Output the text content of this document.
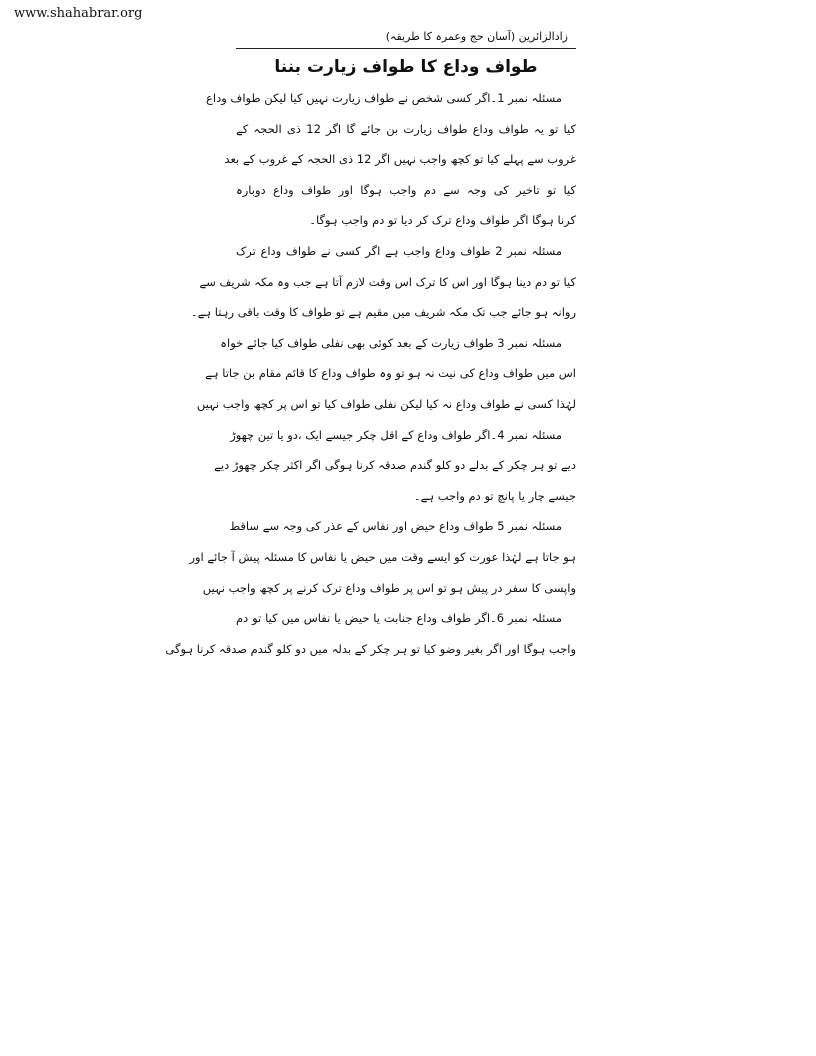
www.shahabrar.org
زادالزائرین (آسان حج وعمرہ کا طریقہ)
طواف وداع کا طواف زیارت بننا
مسئلہ نمبر 1۔اگر کسی شخص نے طواف زیارت نہیں کیا لیکن طواف وداع
کیا تو یہ طواف وداع طواف زیارت بن جائے گا اگر 12 ذی الحجہ کے
غروب سے پہلے کیا تو کچھ واجب نہیں اگر 12 ذی الحجہ کے غروب کے بعد
کیا تو تاخیر کی وجہ سے دم واجب ہوگا اور طواف وداع دوبارہ
کرنا ہوگا اگر طواف وداع ترک کر دیا تو دم واجب ہوگا۔
مسئلہ نمبر 2 طواف وداع واجب ہے اگر کسی نے طواف وداع ترک
کیا تو دم دینا ہوگا اور اس کا ترک اس وقت لازم آتا ہے جب وہ مکہ شریف سے
روانہ ہو جائے جب تک مکہ شریف میں مقیم ہے تو طواف کا وقت باقی رہتا ہے۔
مسئلہ نمبر 3 طواف زیارت کے بعد کوئی بھی نفلی طواف کیا جائے خواہ
اس میں طواف وداع کی نیت نہ ہو تو وہ طواف وداع کا قائم مقام بن جاتا ہے
لہٰذا کسی نے طواف وداع نہ کیا لیکن نفلی طواف کیا تو اس پر کچھ واجب نہیں
مسئلہ نمبر 4۔اگر طواف وداع کے اقل چکر جیسے ایک ،دو یا تین چھوڑ
دیے تو ہر چکر کے بدلے دو کلو گندم صدقہ کرنا ہوگی اگر اکثر چکر چھوڑ دیے
جیسے چار یا پانچ تو دم واجب ہے۔
مسئلہ نمبر 5 طواف وداع حیض اور نفاس کے عذر کی وجہ سے ساقط
ہو جاتا ہے لہٰذا عورت کو ایسے وقت میں حیض یا نفاس کا مسئلہ پیش آ جائے اور
واپسی کا سفر در پیش ہو تو اس پر طواف وداع ترک کرنے پر کچھ واجب نہیں
مسئلہ نمبر 6۔اگر طواف وداع جنابت یا حیض یا نفاس میں کیا تو دم
واجب ہوگا اور اگر بغیر وضو کیا تو ہر چکر کے بدلہ میں دو کلو گندم صدقہ کرنا ہوگی
